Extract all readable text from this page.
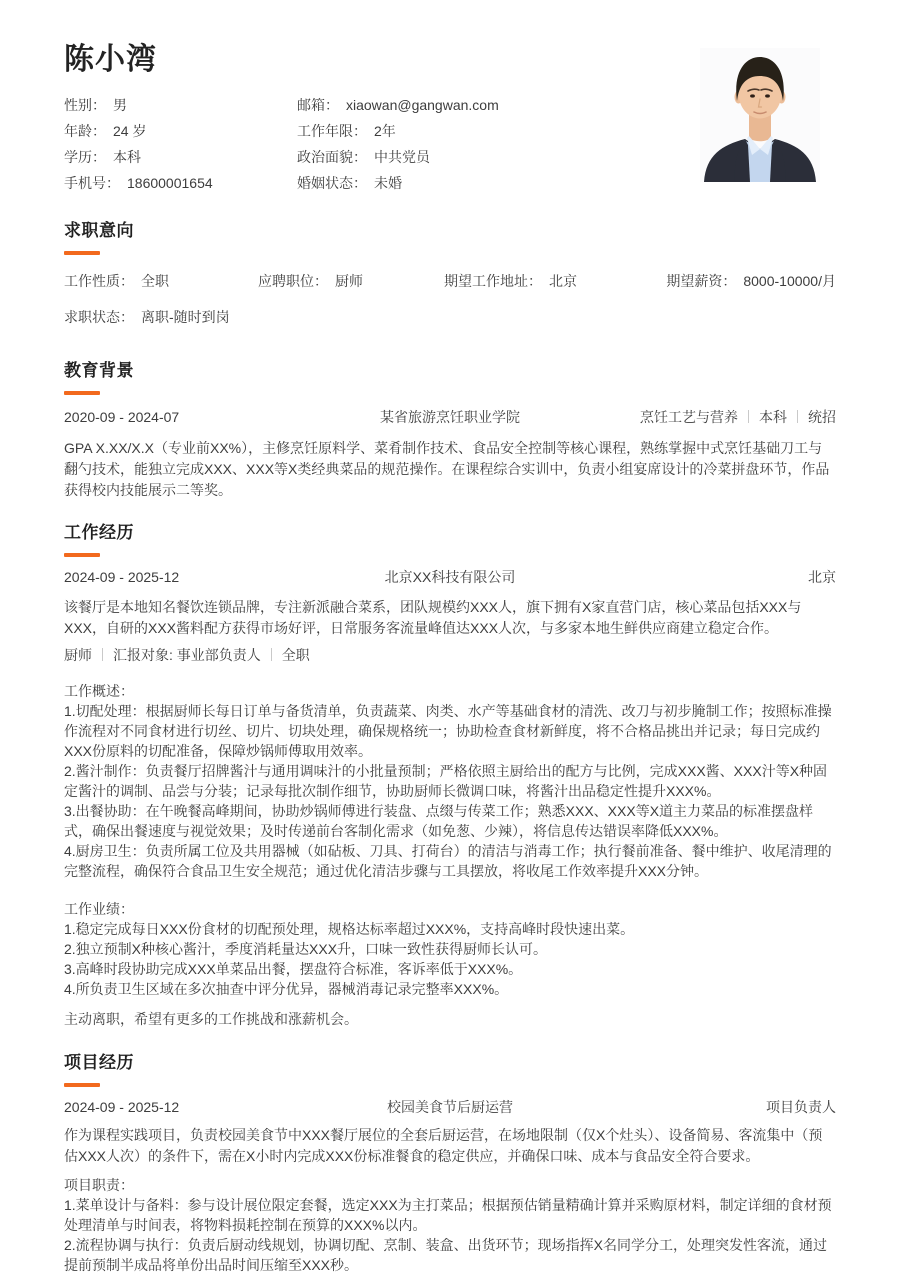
陈小湾
性别： 男
年龄： 24 岁
学历： 本科
手机号： 18600001654
邮箱： xiaowan@gangwan.com
工作年限： 2年
政治面貌： 中共党员
婚姻状态： 未婚
求职意向
工作性质： 全职	应聘职位： 厨师	期望工作地址： 北京	期望薪资： 8000-10000/月
求职状态： 离职-随时到岗
教育背景
2020-09 - 2024-07	某省旅游烹饪职业学院	烹饪工艺与营养 本科 统招

GPA X.XX/X.X（专业前XX%），主修烹饪原料学、菜肴制作技术、食品安全控制等核心课程，熟练掌握中式烹饪基础刀工与翻勺技术，能独立完成XXX、XXX等X类经典菜品的规范操作。在课程综合实训中，负责小组宴席设计的冷菜拼盘环节，作品获得校内技能展示二等奖。

工作经历
2024-09 - 2025-12	北京XX科技有限公司	北京

该餐厅是本地知名餐饮连锁品牌，专注新派融合菜系，团队规模约XXX人，旗下拥有X家直营门店，核心菜品包括XXX与XXX，自研的XXX酱料配方获得市场好评，日常服务客流量峰值达XXX人次，与多家本地生鲜供应商建立稳定合作。

厨师 汇报对象: 事业部负责人 全职
工作概述：
1.切配处理：根据厨师长每日订单与备货清单，负责蔬菜、肉类、水产等基础食材的清洗、改刀与初步腌制工作；按照标准操作流程对不同食材进行切丝、切片、切块处理，确保规格统一；协助检查食材新鲜度，将不合格品挑出并记录；每日完成约XXX份原料的切配准备，保障炒锅师傅取用效率。
2.酱汁制作：负责餐厅招牌酱汁与通用调味汁的小批量预制；严格依照主厨给出的配方与比例，完成XXX酱、XXX汁等X种固定酱汁的调制、品尝与分装；记录每批次制作细节，协助厨师长微调口味，将酱汁出品稳定性提升XXX%。
3.出餐协助：在午晚餐高峰期间，协助炒锅师傅进行装盘、点缀与传菜工作；熟悉XXX、XXX等X道主力菜品的标准摆盘样式，确保出餐速度与视觉效果；及时传递前台客制化需求（如免葱、少辣），将信息传达错误率降低XXX%。
4.厨房卫生：负责所属工位及共用器械（如砧板、刀具、打荷台）的清洁与消毒工作；执行餐前准备、餐中维护、收尾清理的完整流程，确保符合食品卫生安全规范；通过优化清洁步骤与工具摆放，将收尾工作效率提升XXX分钟。
工作业绩：
1.稳定完成每日XXX份食材的切配预处理，规格达标率超过XXX%，支持高峰时段快速出菜。
2.独立预制X种核心酱汁，季度消耗量达XXX升，口味一致性获得厨师长认可。
3.高峰时段协助完成XXX单菜品出餐，摆盘符合标准，客诉率低于XXX%。
4.所负责卫生区域在多次抽查中评分优异，器械消毒记录完整率XXX%。

主动离职，希望有更多的工作挑战和涨薪机会。

项目经历
2024-09 - 2025-12	校园美食节后厨运营	项目负责人

作为课程实践项目，负责校园美食节中XXX餐厅展位的全套后厨运营，在场地限制（仅X个灶头）、设备简易、客流集中（预估XXX人次）的条件下，需在X小时内完成XXX份标准餐食的稳定供应，并确保口味、成本与食品安全符合要求。

项目职责：
1.菜单设计与备料：参与设计展位限定套餐，选定XXX为主打菜品；根据预估销量精确计算并采购原材料，制定详细的食材预处理清单与时间表，将物料损耗控制在预算的XXX%以内。
2.流程协调与执行：负责后厨动线规划，协调切配、烹制、装盒、出货环节；现场指挥X名同学分工，处理突发性客流，通过提前预制半成品将单份出品时间压缩至XXX秒。
